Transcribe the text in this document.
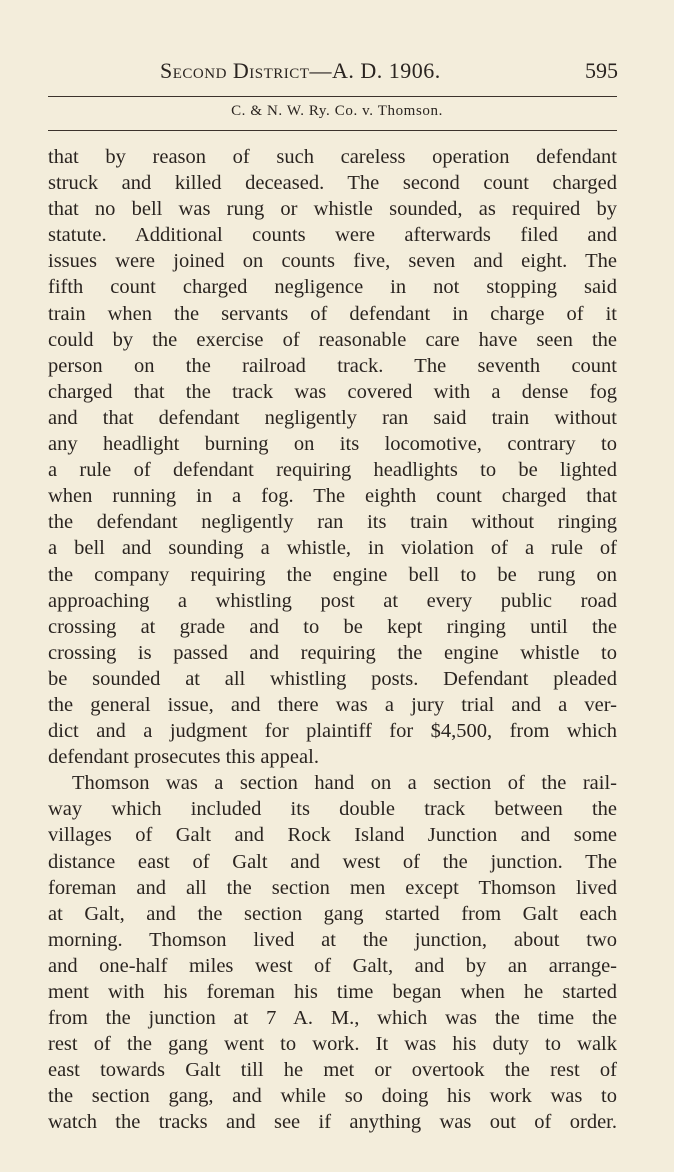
Second District—A. D. 1906.	595
C. & N. W. Ry. Co. v. Thomson.
that by reason of such careless operation defendant
struck and killed deceased. The second count charged
that no bell was rung or whistle sounded, as required by
statute. Additional counts were afterwards filed and
issues were joined on counts five, seven and eight. The
fifth count charged negligence in not stopping said
train when the servants of defendant in charge of it
could by the exercise of reasonable care have seen the
person on the railroad track. The seventh count
charged that the track was covered with a dense fog
and that defendant negligently ran said train without
any headlight burning on its locomotive, contrary to
a rule of defendant requiring headlights to be lighted
when running in a fog. The eighth count charged that
the defendant negligently ran its train without ringing
a bell and sounding a whistle, in violation of a rule of
the company requiring the engine bell to be rung on
approaching a whistling post at every public road
crossing at grade and to be kept ringing until the
crossing is passed and requiring the engine whistle to
be sounded at all whistling posts. Defendant pleaded
the general issue, and there was a jury trial and a ver-
dict and a judgment for plaintiff for $4,500, from which
defendant prosecutes this appeal.
Thomson was a section hand on a section of the rail-
way which included its double track between the
villages of Galt and Rock Island Junction and some
distance east of Galt and west of the junction. The
foreman and all the section men except Thomson lived
at Galt, and the section gang started from Galt each
morning. Thomson lived at the junction, about two
and one-half miles west of Galt, and by an arrange-
ment with his foreman his time began when he started
from the junction at 7 A. M., which was the time the
rest of the gang went to work. It was his duty to walk
east towards Galt till he met or overtook the rest of
the section gang, and while so doing his work was to
watch the tracks and see if anything was out of order.
